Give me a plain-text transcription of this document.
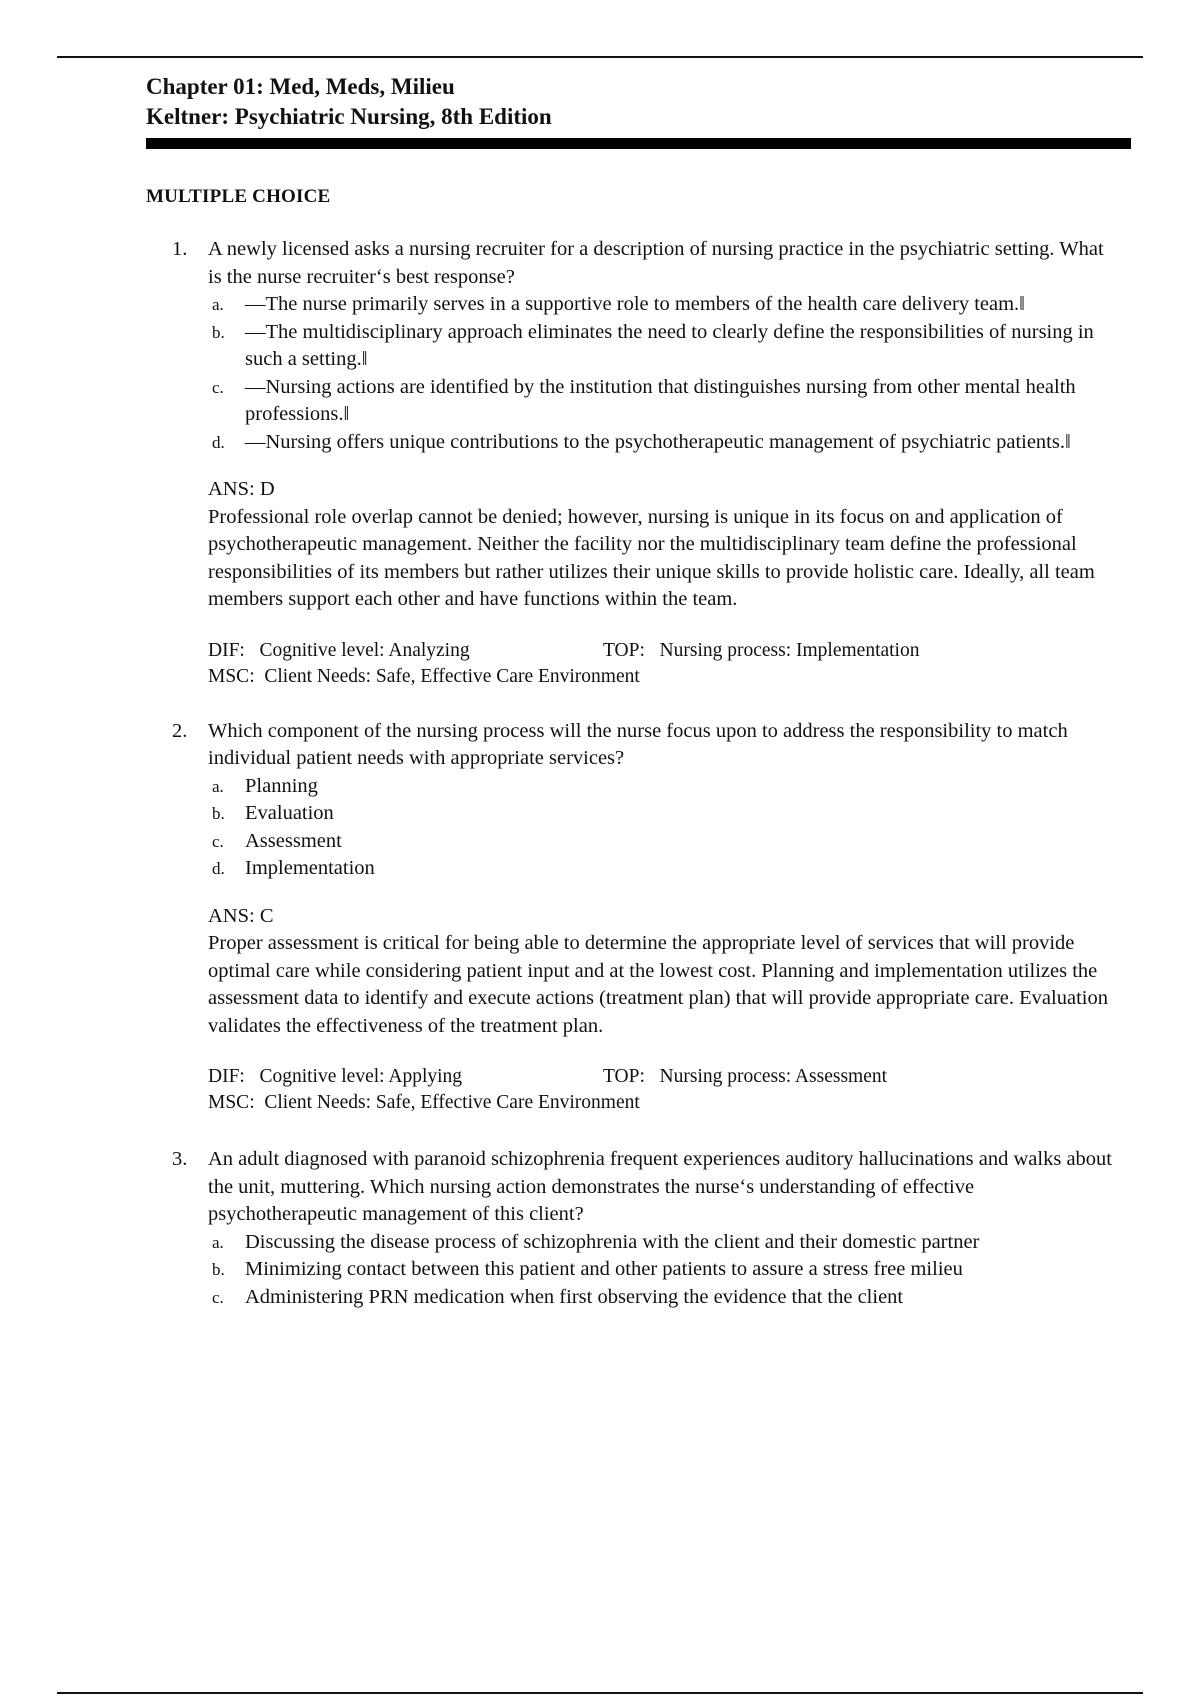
Chapter 01: Med, Meds, Milieu
Keltner: Psychiatric Nursing, 8th Edition
MULTIPLE CHOICE
1. A newly licensed asks a nursing recruiter for a description of nursing practice in the psychiatric setting. What is the nurse recruiter‘s best response?

a. ―The nurse primarily serves in a supportive role to members of the health care delivery team.‖
b. ―The multidisciplinary approach eliminates the need to clearly define the responsibilities of nursing in such a setting.‖
c. ―Nursing actions are identified by the institution that distinguishes nursing from other mental health professions.‖
d. ―Nursing offers unique contributions to the psychotherapeutic management of psychiatric patients.‖
ANS: D

Professional role overlap cannot be denied; however, nursing is unique in its focus on and application of psychotherapeutic management. Neither the facility nor the multidisciplinary team define the professional responsibilities of its members but rather utilizes their unique skills to provide holistic care. Ideally, all team members support each other and have functions within the team.

DIF: Cognitive level: Analyzing	TOP: Nursing process: Implementation
MSC: Client Needs: Safe, Effective Care Environment
2. Which component of the nursing process will the nurse focus upon to address the responsibility to match individual patient needs with appropriate services?

a. Planning
b. Evaluation
c. Assessment
d. Implementation
ANS: C

Proper assessment is critical for being able to determine the appropriate level of services that will provide optimal care while considering patient input and at the lowest cost. Planning and implementation utilizes the assessment data to identify and execute actions (treatment plan) that will provide appropriate care. Evaluation validates the effectiveness of the treatment plan.

DIF: Cognitive level: Applying	TOP: Nursing process: Assessment
MSC: Client Needs: Safe, Effective Care Environment
3. An adult diagnosed with paranoid schizophrenia frequent experiences auditory hallucinations and walks about the unit, muttering. Which nursing action demonstrates the nurse‘s understanding of effective psychotherapeutic management of this client?

a. Discussing the disease process of schizophrenia with the client and their domestic partner
b. Minimizing contact between this patient and other patients to assure a stress free milieu
c. Administering PRN medication when first observing the evidence that the client
